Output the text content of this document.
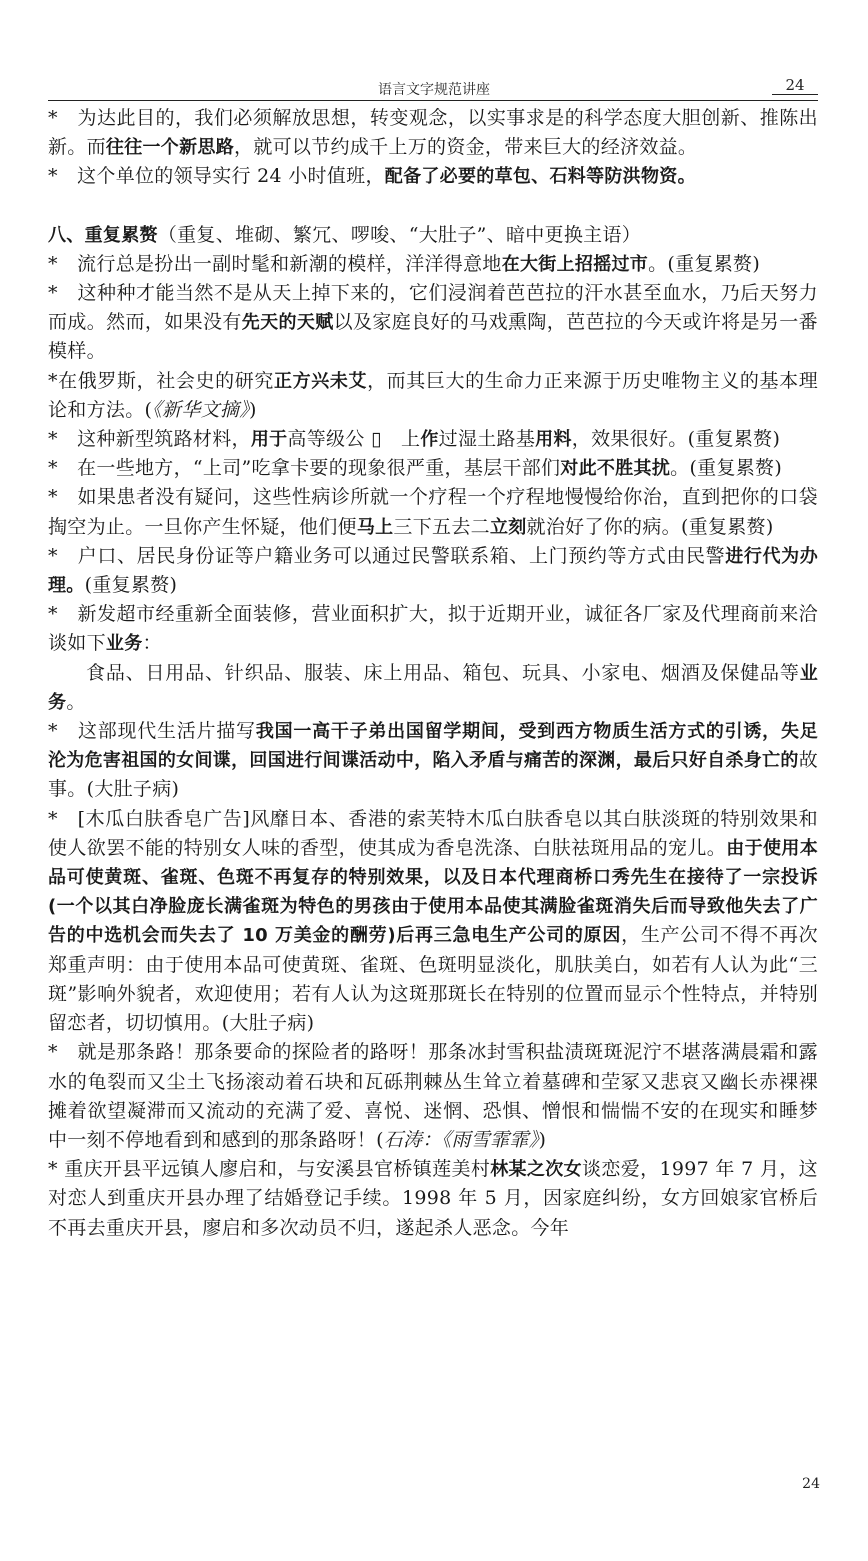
语言文字规范讲座	24

*　为达此目的，我们必须解放思想，转变观念，以实事求是的科学态度大胆创新、推陈出新。而往往一个新思路，就可以节约成千上万的资金，带来巨大的经济效益。

*　这个单位的领导实行 24 小时值班，配备了必要的草包、石料等防洪物资。

八、重复累赘（重复、堆砌、繁冗、啰唆、“大肚子”、暗中更换主语）

*　流行总是扮出一副时髦和新潮的模样，洋洋得意地在大街上招摇过市。(重复累赘)

*　这种种才能当然不是从天上掉下来的，它们浸润着芭芭拉的汗水甚至血水，乃后天努力而成。然而，如果没有先天的天赋以及家庭良好的马戏熏陶，芭芭拉的今天或许将是另一番模样。

*在俄罗斯，社会史的研究正方兴未艾，而其巨大的生命力正来源于历史唯物主义的基本理论和方法。(《新华文摘》)

*　这种新型筑路材料，用于高等级公 ▯　上作过湿土路基用料，效果很好。(重复累赘)

*　在一些地方，“上司”吃拿卡要的现象很严重，基层干部们对此不胜其扰。(重复累赘)

*　如果患者没有疑问，这些性病诊所就一个疗程一个疗程地慢慢给你治，直到把你的口袋掏空为止。一旦你产生怀疑，他们便马上三下五去二立刻就治好了你的病。(重复累赘)

*　户口、居民身份证等户籍业务可以通过民警联系箱、上门预约等方式由民警进行代为办理。(重复累赘)

*　新发超市经重新全面装修，营业面积扩大，拟于近期开业，诚征各厂家及代理商前来洽谈如下业务：

食品、日用品、针织品、服装、床上用品、箱包、玩具、小家电、烟酒及保健品等业务。

*　这部现代生活片描写我国一高干子弟出国留学期间，受到西方物质生活方式的引诱，失足沦为危害祖国的女间谍，回国进行间谍活动中，陷入矛盾与痛苦的深渊，最后只好自杀身亡的故事。(大肚子病)

*　[木瓜白肤香皂广告]风靡日本、香港的索芙特木瓜白肤香皂以其白肤淡斑的特别效果和使人欲罢不能的特别女人味的香型，使其成为香皂洗涤、白肤祛斑用品的宠儿。由于使用本品可使黄斑、雀斑、色斑不再复存的特别效果，以及日本代理商桥口秀先生在接待了一宗投诉(一个以其白净脸庞长满雀斑为特色的男孩由于使用本品使其满脸雀斑消失后而导致他失去了广告的中选机会而失去了 10 万美金的酬劳)后再三急电生产公司的原因，生产公司不得不再次郑重声明：由于使用本品可使黄斑、雀斑、色斑明显淡化，肌肤美白，如若有人认为此“三斑”影响外貌者，欢迎使用；若有人认为这斑那斑长在特别的位置而显示个性特点，并特别留恋者，切切慎用。(大肚子病)

*　就是那条路！那条要命的探险者的路呀！那条冰封雪积盐渍斑斑泥泞不堪落满晨霜和露水的龟裂而又尘土飞扬滚动着石块和瓦砾荆棘丛生耸立着墓碑和茔冢又悲哀又幽长赤裸裸摊着欲望凝滞而又流动的充满了爱、喜悦、迷惘、恐惧、憎恨和惴惴不安的在现实和睡梦中一刻不停地看到和感到的那条路呀！(石涛：《雨雪霏霏》)

* 重庆开县平远镇人廖启和，与安溪县官桥镇莲美村林某之次女谈恋爱，1997 年 7 月，这对恋人到重庆开县办理了结婚登记手续。1998 年 5 月，因家庭纠纷，女方回娘家官桥后不再去重庆开县，廖启和多次动员不归，遂起杀人恶念。今年

24
